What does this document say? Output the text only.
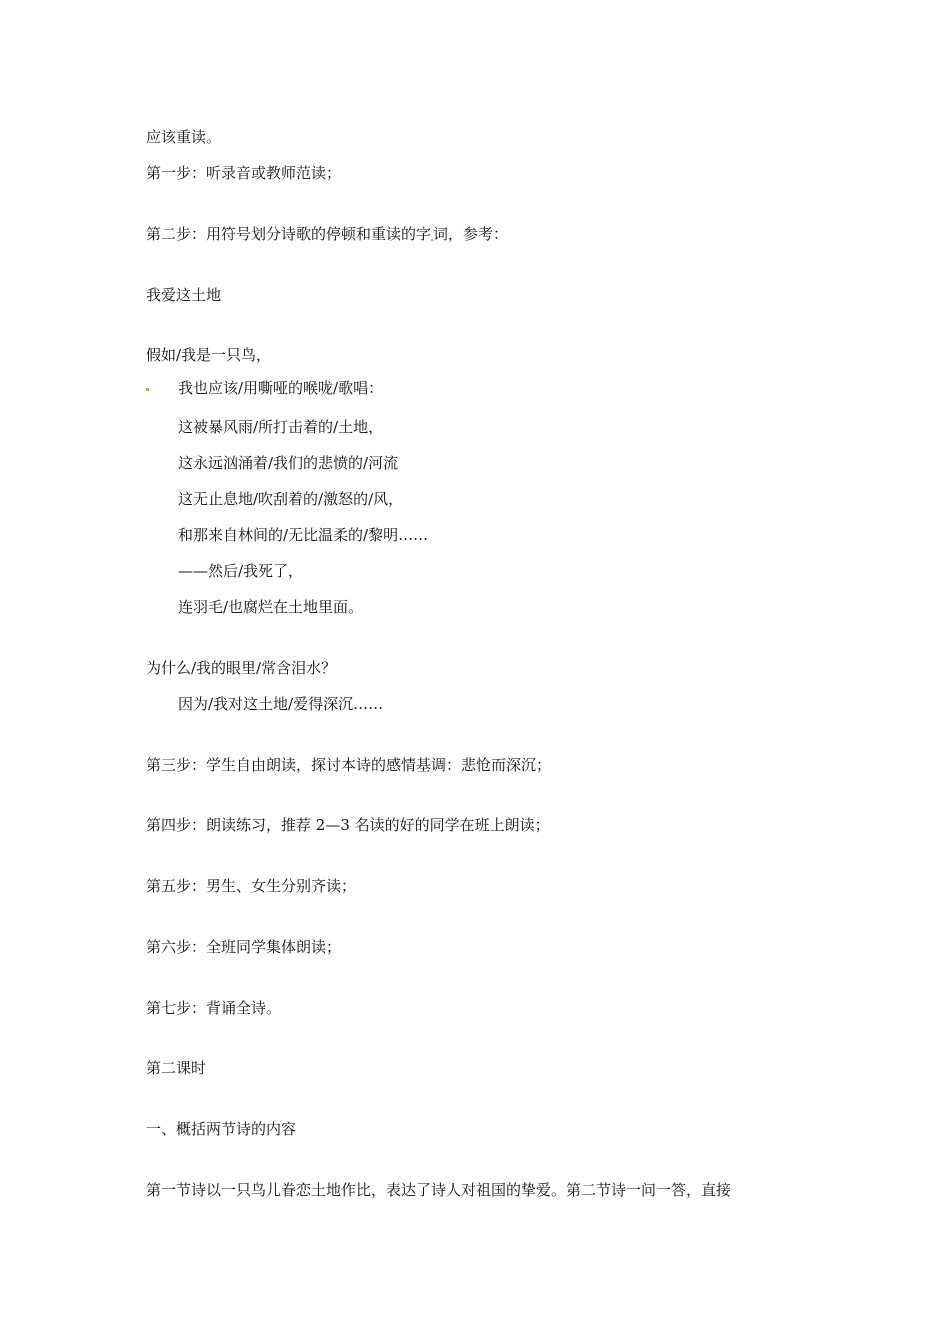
应该重读。
第一步：听录音或教师范读；
第二步：用符号划分诗歌的停顿和重读的字 词，参考：
我爱这土地
假如/我是一只鸟，
我也应该/用嘶哑的喉咙/歌唱：
这被暴风雨/所打击着的/土地，
这永远汹涌着/我们的悲愤的/河流
这无止息地/吹刮着的/激怒的/风，
和那来自林间的/无比温柔的/黎明……
——然后/我死了，
连羽毛/也腐烂在土地里面。
为什么/我的眼里/常含泪水？
因为/我对这土地/爱得深沉……
第三步：学生自由朗读，探讨本诗的感情基调：悲怆而深沉；
第四步：朗读练习，推荐 2—3 名读的好的同学在班上朗读；
第五步：男生、女生分别齐读；
第六步：全班同学集体朗读；
第七步：背诵全诗。
第二课时
一、概括两节诗的内容
第一节诗以一只鸟儿眷恋土地作比，表达了诗人对祖国的挚爱。第二节诗一问一答，直接
